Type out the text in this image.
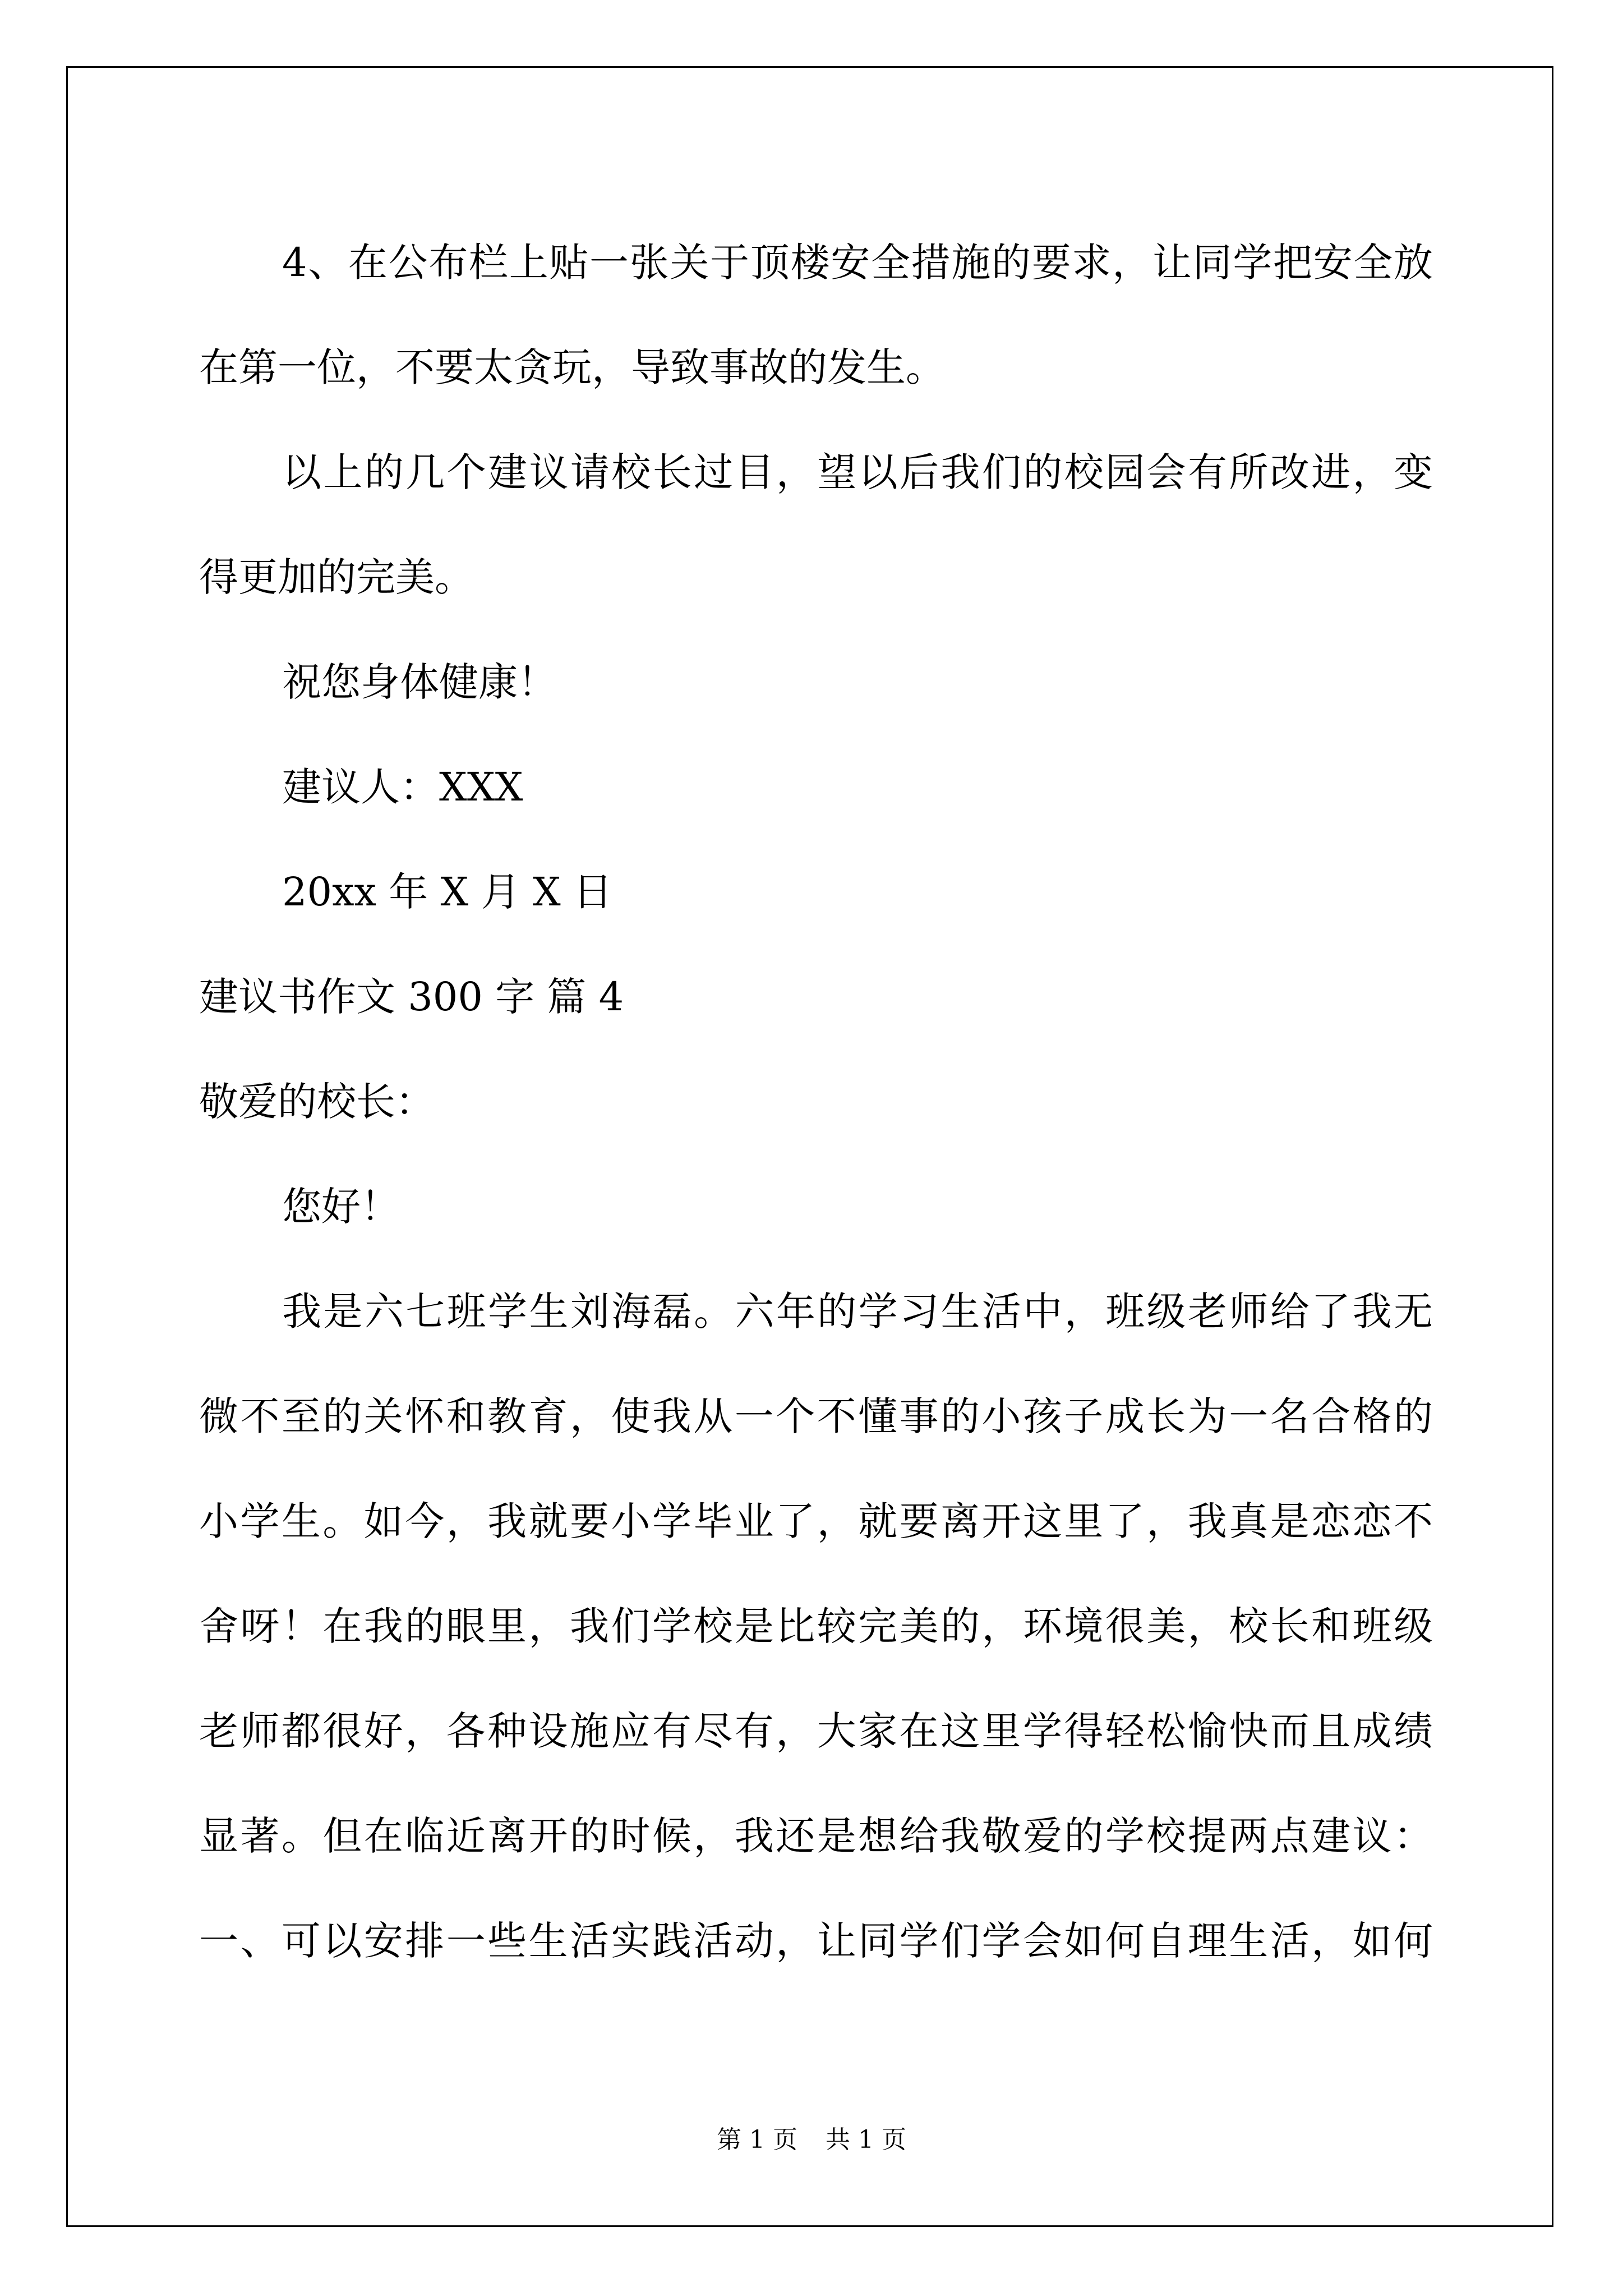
4、在公布栏上贴一张关于顶楼安全措施的要求，让同学把安全放

在第一位，不要太贪玩，导致事故的发生。

以上的几个建议请校长过目，望以后我们的校园会有所改进，变

得更加的完美。

祝您身体健康！

建议人：XXX

20xx 年 X 月 X 日

建议书作文 300 字 篇 4

敬爱的校长：

您好！

我是六七班学生刘海磊。六年的学习生活中，班级老师给了我无

微不至的关怀和教育，使我从一个不懂事的小孩子成长为一名合格的

小学生。如今，我就要小学毕业了，就要离开这里了，我真是恋恋不

舍呀！在我的眼里，我们学校是比较完美的，环境很美，校长和班级

老师都很好，各种设施应有尽有，大家在这里学得轻松愉快而且成绩

显著。但在临近离开的时候，我还是想给我敬爱的学校提两点建议：

一、可以安排一些生活实践活动，让同学们学会如何自理生活，如何

第 1 页 共 1 页
